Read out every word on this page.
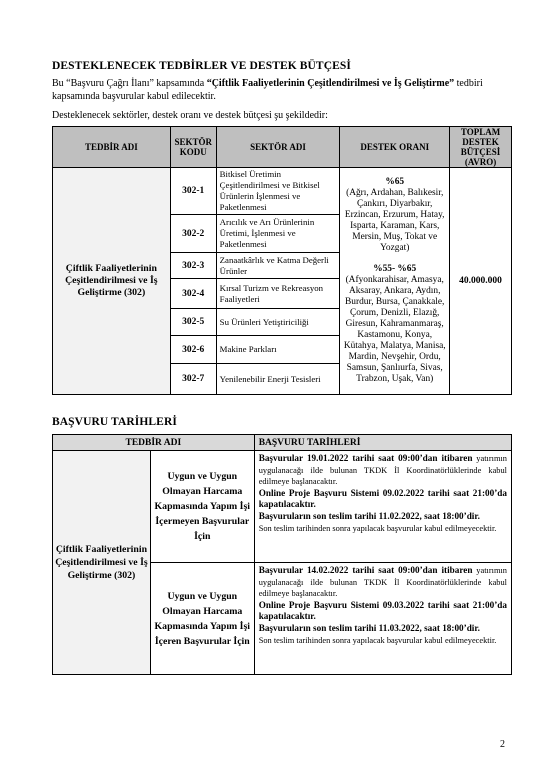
DESTEKLENECEK TEDBİRLER VE DESTEK BÜTÇESİ

Bu “Başvuru Çağrı İlanı” kapsamında “Çiftlik Faaliyetlerinin Çeşitlendirilmesi ve İş Geliştirme” tedbiri kapsamında başvurular kabul edilecektir.

Desteklenecek sektörler, destek oranı ve destek bütçesi şu şekildedir:

TEDBİR ADI	SEKTÖR KODU	SEKTÖR ADI	DESTEK ORANI	TOPLAM DESTEK BÜTÇESİ (AVRO)
Çiftlik Faaliyetlerinin Çeşitlendirilmesi ve İş Geliştirme (302)	302-1	Bitkisel Üretimin Çeşitlendirilmesi ve Bitkisel Ürünlerin İşlenmesi ve Paketlenmesi	%65
(Ağrı, Ardahan, Balıkesir, Çankırı, Diyarbakır, Erzincan, Erzurum, Hatay, Isparta, Karaman, Kars, Mersin, Muş, Tokat ve Yozgat)
%55- %65
(Afyonkarahisar, Amasya, Aksaray, Ankara, Aydın, Burdur, Bursa, Çanakkale, Çorum, Denizli, Elazığ, Giresun, Kahramanmaraş, Kastamonu, Konya, Kütahya, Malatya, Manisa, Mardin, Nevşehir, Ordu, Samsun, Şanlıurfa, Sivas, Trabzon, Uşak, Van)	40.000.000
	302-2	Arıcılık ve Arı Ürünlerinin Üretimi, İşlenmesi ve Paketlenmesi		
	302-3	Zanaatkârlık ve Katma Değerli Ürünler		
	302-4	Kırsal Turizm ve Rekreasyon Faaliyetleri		
	302-5	Su Ürünleri Yetiştiriciliği		
	302-6	Makine Parkları		
	302-7	Yenilenebilir Enerji Tesisleri		
BAŞVURU TARİHLERİ
TEDBİR ADI		BAŞVURU TARİHLERİ
Çiftlik Faaliyetlerinin Çeşitlendirilmesi ve İş Geliştirme (302)	Uygun ve Uygun Olmayan Harcama Kapmasında Yapım İşi İçermeyen Başvurular İçin	Başvurular 19.01.2022 tarihi saat 09:00’dan itibaren yatırımın uygulanacağı ilde bulunan TKDK İl Koordinatörlüklerinde kabul edilmeye başlanacaktır.
Online Proje Başvuru Sistemi 09.02.2022 tarihi saat 21:00’da kapatılacaktır.
Başvuruların son teslim tarihi 11.02.2022, saat 18:00’dir.
Son teslim tarihinden sonra yapılacak başvurular kabul edilmeyecektir.
	Uygun ve Uygun Olmayan Harcama Kapmasında Yapım İşi İçeren Başvurular İçin	Başvurular 14.02.2022 tarihi saat 09:00’dan itibaren yatırımın uygulanacağı ilde bulunan TKDK İl Koordinatörlüklerinde kabul edilmeye başlanacaktır.
Online Proje Başvuru Sistemi 09.03.2022 tarihi saat 21:00’da kapatılacaktır.
Başvuruların son teslim tarihi 11.03.2022, saat 18:00’dir.
Son teslim tarihinden sonra yapılacak başvurular kabul edilmeyecektir.
2
